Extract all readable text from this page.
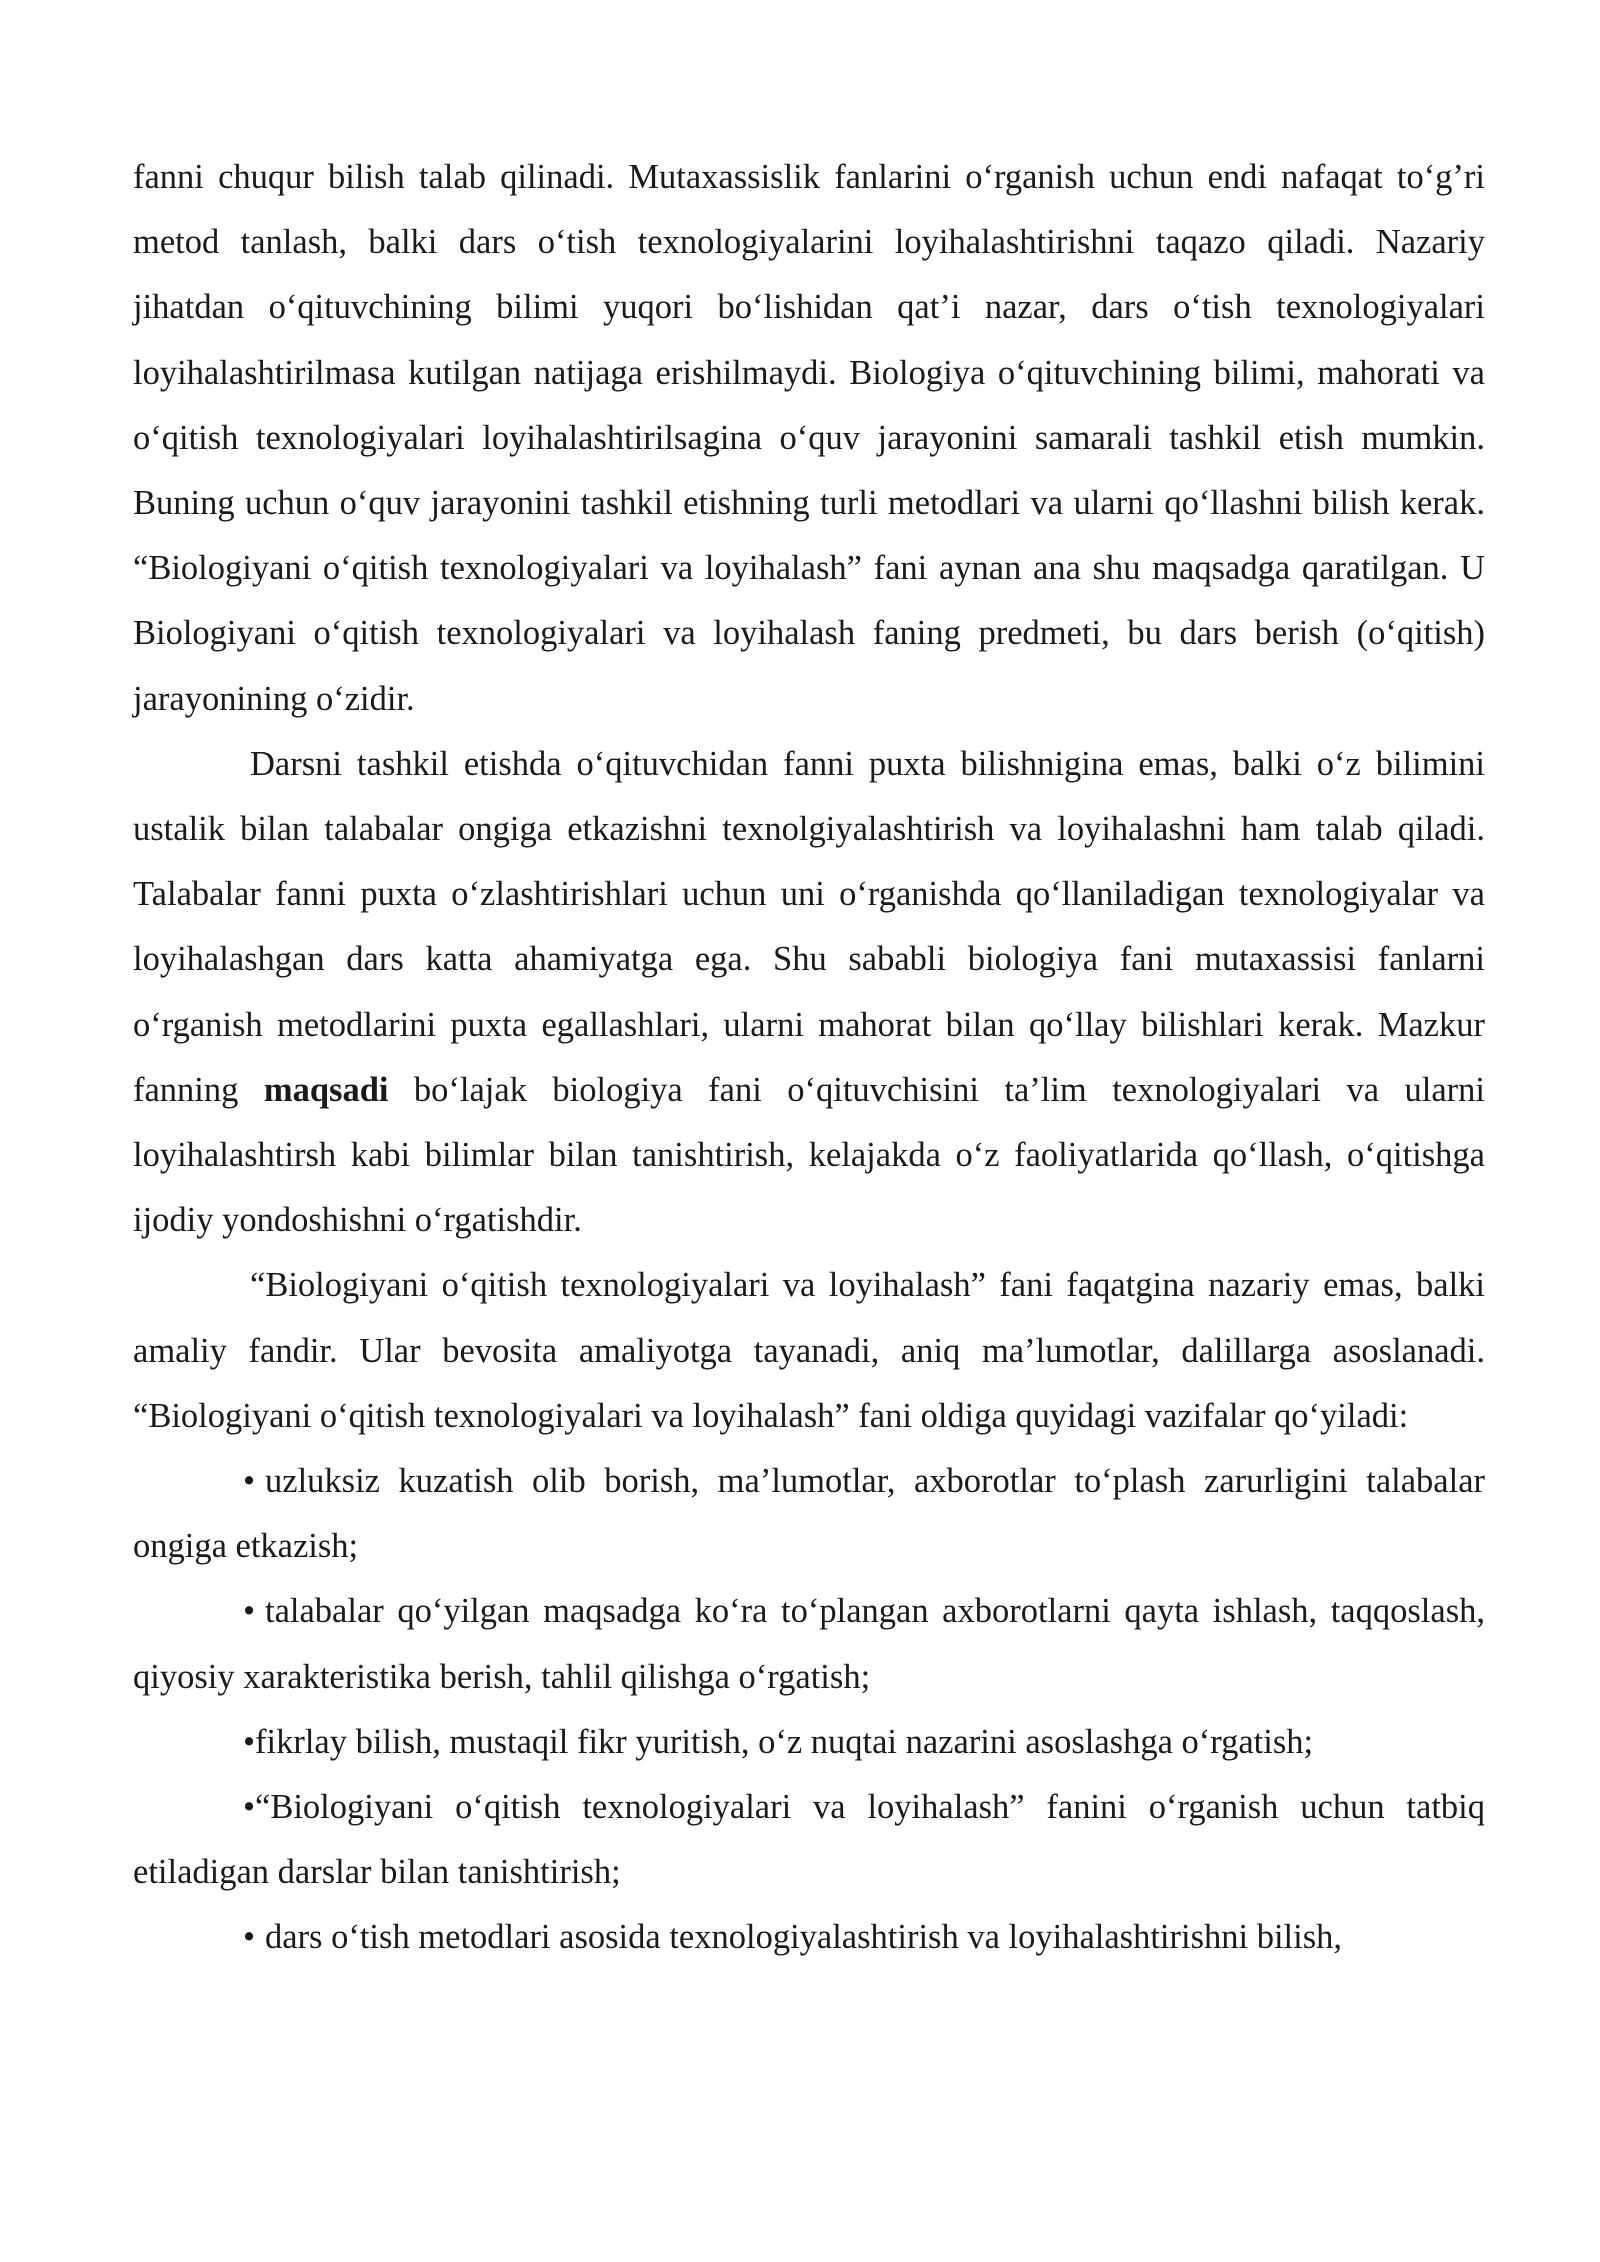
fanni chuqur bilish talab qilinadi. Mutaxassislik fanlarini o‘rganish uchun endi nafaqat to‘g’ri metod tanlash, balki dars o‘tish texnologiyalarini loyihalashtirishni taqazo qiladi. Nazariy jihatdan o‘qituvchining bilimi yuqori bo‘lishidan qat’i nazar, dars o‘tish texnologiyalari loyihalashtirilmasa kutilgan natijaga erishilmaydi. Biologiya o‘qituvchining bilimi, mahorati va o‘qitish texnologiyalari loyihalashtirilsagina o‘quv jarayonini samarali tashkil etish mumkin. Buning uchun o‘quv jarayonini tashkil etishning turli metodlari va ularni qo‘llashni bilish kerak. “Biologiyani o‘qitish texnologiyalari va loyihalash” fani aynan ana shu maqsadga qaratilgan. U Biologiyani o‘qitish texnologiyalari va loyihalash faning predmeti, bu dars berish (o‘qitish) jarayonining o‘zidir.

Darsni tashkil etishda o‘qituvchidan fanni puxta bilishnigina emas, balki o‘z bilimini ustalik bilan talabalar ongiga etkazishni texnolgiyalashtirish va loyihalashni ham talab qiladi. Talabalar fanni puxta o‘zlashtirishlari uchun uni o‘rganishda qo‘llaniladigan texnologiyalar va loyihalashgan dars katta ahamiyatga ega. Shu sababli biologiya fani mutaxassisi fanlarni o‘rganish metodlarini puxta egallashlari, ularni mahorat bilan qo‘llay bilishlari kerak. Mazkur fanning maqsadi bo‘lajak biologiya fani o‘qituvchisini ta’lim texnologiyalari va ularni loyihalashtirsh kabi bilimlar bilan tanishtirish, kelajakda o‘z faoliyatlarida qo‘llash, o‘qitishga ijodiy yondoshishni o‘rgatishdir.

“Biologiyani o‘qitish texnologiyalari va loyihalash” fani faqatgina nazariy emas, balki amaliy fandir. Ular bevosita amaliyotga tayanadi, aniq ma’lumotlar, dalillarga asoslanadi. “Biologiyani o‘qitish texnologiyalari va loyihalash” fani oldiga quyidagi vazifalar qo‘yiladi:

• uzluksiz kuzatish olib borish, ma’lumotlar, axborotlar to‘plash zarurligini talabalar ongiga etkazish;

• talabalar qo‘yilgan maqsadga ko‘ra to‘plangan axborotlarni qayta ishlash, taqqoslash, qiyosiy xarakteristika berish, tahlil qilishga o‘rgatish;

•fikrlay bilish, mustaqil fikr yuritish, o‘z nuqtai nazarini asoslashga o‘rgatish;

•“Biologiyani o‘qitish texnologiyalari va loyihalash” fanini o‘rganish uchun tatbiq etiladigan darslar bilan tanishtirish;

• dars o‘tish metodlari asosida texnologiyalashtirish va loyihalashtirishni bilish,
